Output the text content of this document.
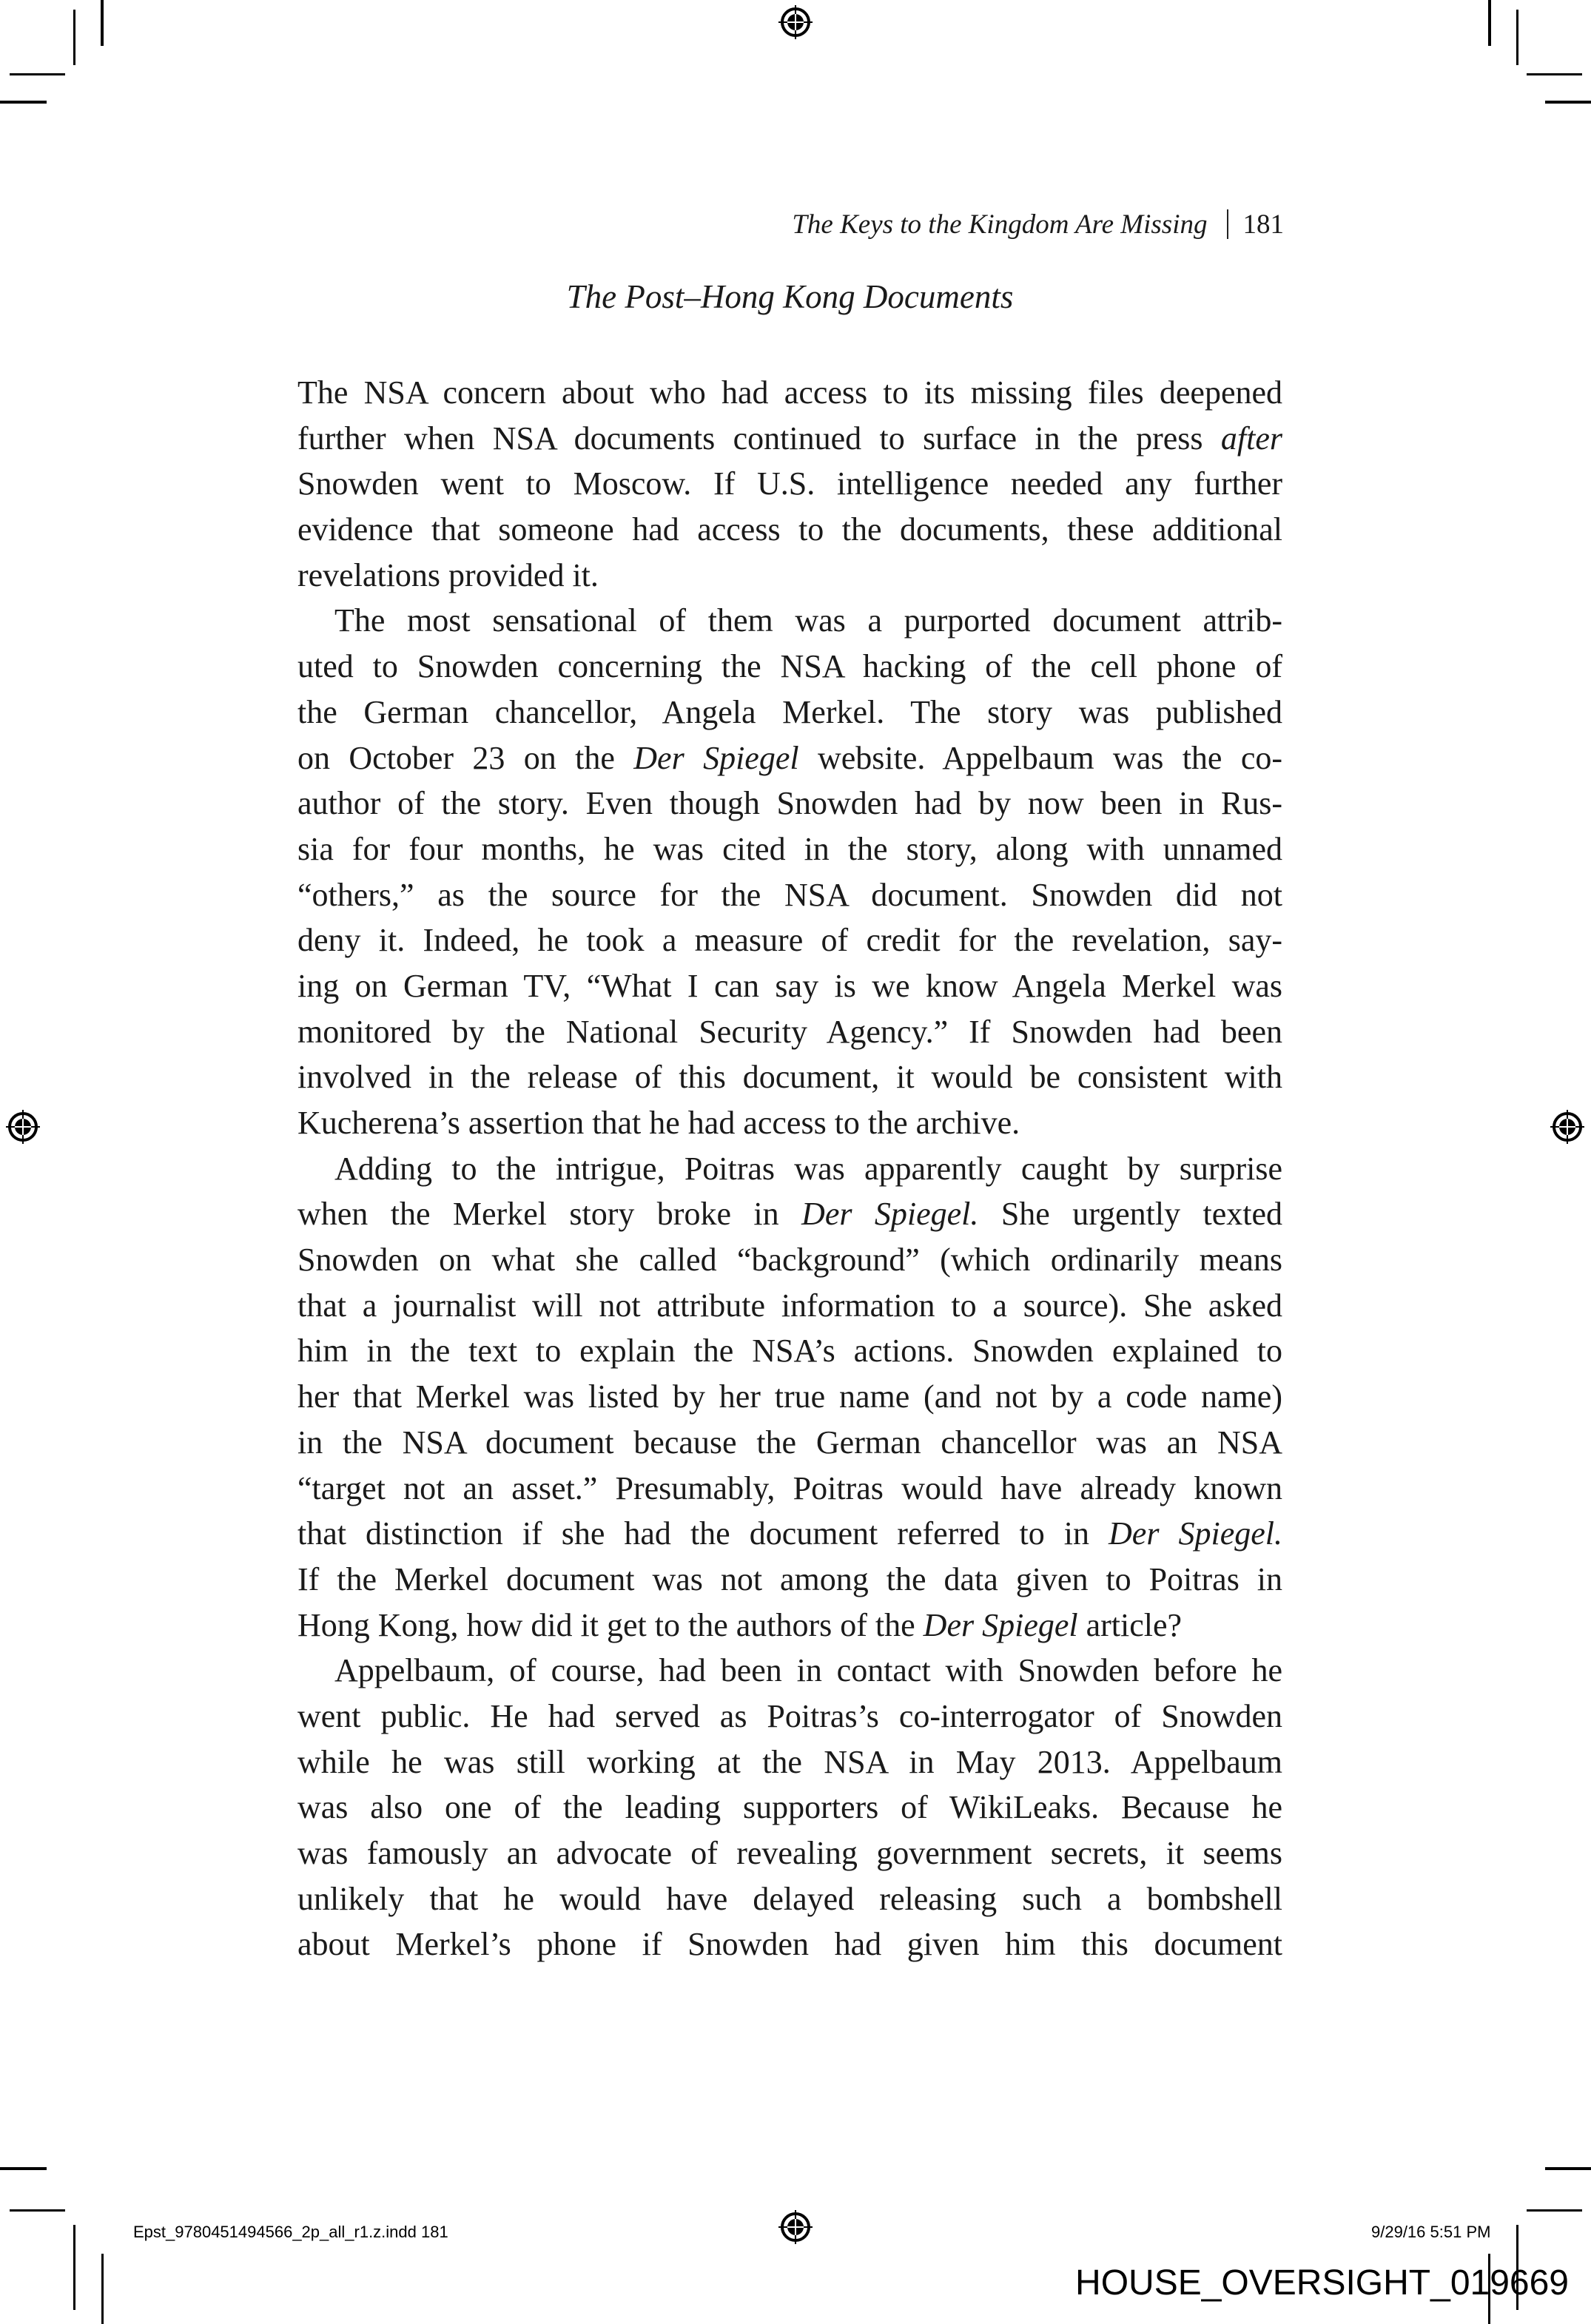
The Keys to the Kingdom Are Missing 181
The Post–Hong Kong Documents
The NSA concern about who had access to its missing files deepened
further when NSA documents continued to surface in the press after
Snowden went to Moscow. If U.S. intelligence needed any further
evidence that someone had access to the documents, these additional
revelations provided it.
The most sensational of them was a purported document attrib-
uted to Snowden concerning the NSA hacking of the cell phone of
the German chancellor, Angela Merkel. The story was published
on October 23 on the Der Spiegel website. Appelbaum was the co-
author of the story. Even though Snowden had by now been in Rus-
sia for four months, he was cited in the story, along with unnamed
“others,” as the source for the NSA document. Snowden did not
deny it. Indeed, he took a measure of credit for the revelation, say-
ing on German TV, “What I can say is we know Angela Merkel was
monitored by the National Security Agency.” If Snowden had been
involved in the release of this document, it would be consistent with
Kucherena’s assertion that he had access to the archive.
Adding to the intrigue, Poitras was apparently caught by surprise
when the Merkel story broke in Der Spiegel. She urgently texted
Snowden on what she called “background” (which ordinarily means
that a journalist will not attribute information to a source). She asked
him in the text to explain the NSA’s actions. Snowden explained to
her that Merkel was listed by her true name (and not by a code name)
in the NSA document because the German chancellor was an NSA
“target not an asset.” Presumably, Poitras would have already known
that distinction if she had the document referred to in Der Spiegel.
If the Merkel document was not among the data given to Poitras in
Hong Kong, how did it get to the authors of the Der Spiegel article?
Appelbaum, of course, had been in contact with Snowden before he
went public. He had served as Poitras’s co-interrogator of Snowden
while he was still working at the NSA in May 2013. Appelbaum
was also one of the leading supporters of WikiLeaks. Because he
was famously an advocate of revealing government secrets, it seems
unlikely that he would have delayed releasing such a bombshell
about Merkel’s phone if Snowden had given him this document
Epst_9780451494566_2p_all_r1.z.indd 181	9/29/16 5:51 PM
HOUSE_OVERSIGHT_019669
